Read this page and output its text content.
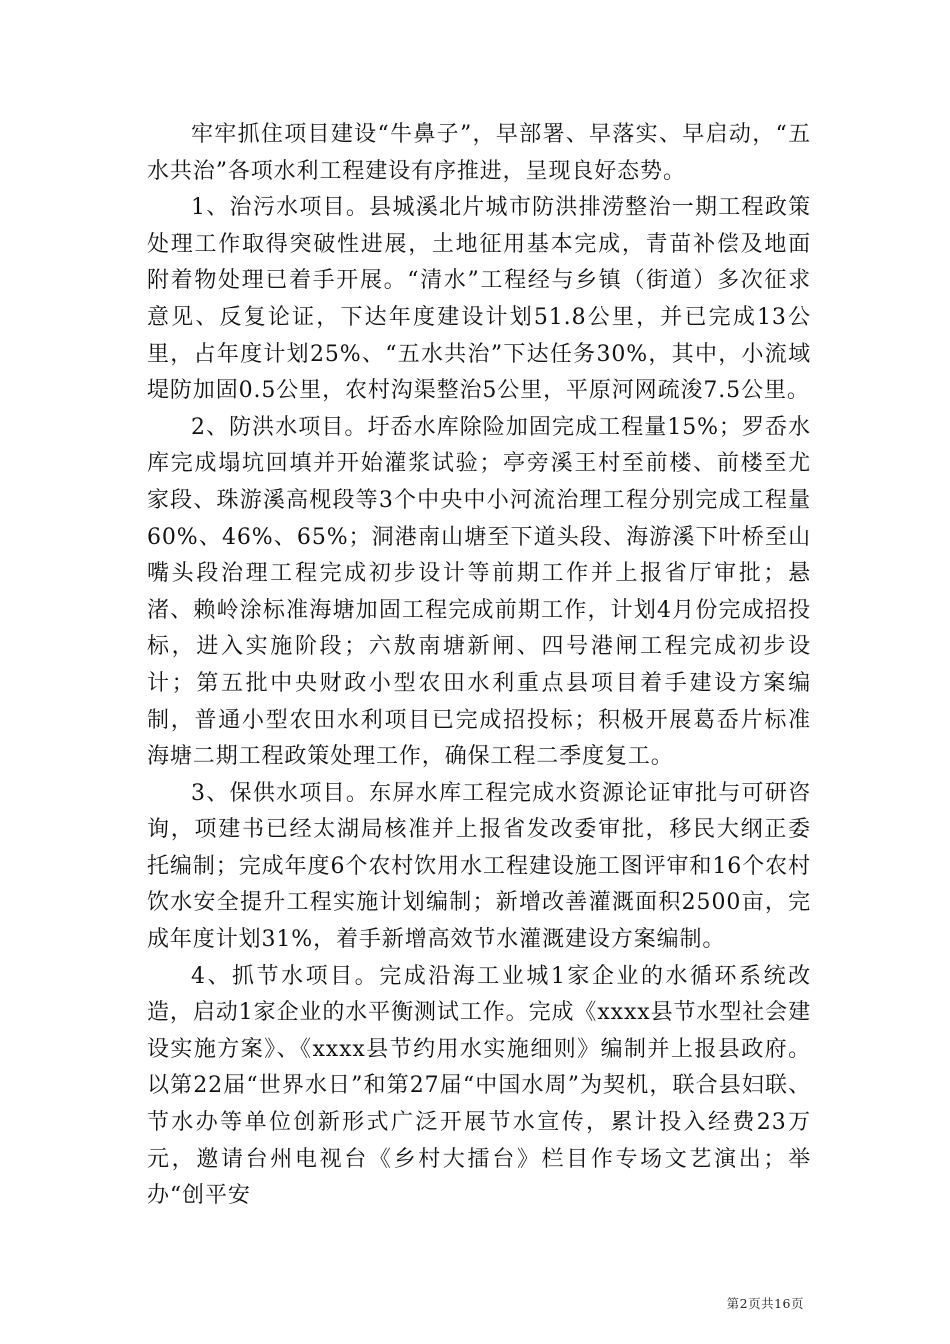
牢牢抓住项目建设“牛鼻子”，早部署、早落实、早启动，“五水共治”各项水利工程建设有序推进，呈现良好态势。

1、治污水项目。县城溪北片城市防洪排涝整治一期工程政策处理工作取得突破性进展，土地征用基本完成，青苗补偿及地面附着物处理已着手开展。“清水”工程经与乡镇（街道）多次征求意见、反复论证，下达年度建设计划51.8公里，并已完成13公里，占年度计划25%、“五水共治”下达任务30%，其中，小流域堤防加固0.5公里，农村沟渠整治5公里，平原河网疏浚7.5公里。

2、防洪水项目。圩岙水库除险加固完成工程量15%；罗岙水库完成塌坑回填并开始灌浆试验；亭旁溪王村至前楼、前楼至尤家段、珠游溪高枧段等3个中央中小河流治理工程分别完成工程量60%、46%、65%；洞港南山塘至下道头段、海游溪下叶桥至山嘴头段治理工程完成初步设计等前期工作并上报省厅审批；悬渚、赖岭涂标准海塘加固工程完成前期工作，计划4月份完成招投标，进入实施阶段；六敖南塘新闸、四号港闸工程完成初步设计；第五批中央财政小型农田水利重点县项目着手建设方案编制，普通小型农田水利项目已完成招投标；积极开展葛岙片标准海塘二期工程政策处理工作，确保工程二季度复工。

3、保供水项目。东屏水库工程完成水资源论证审批与可研咨询，项建书已经太湖局核准并上报省发改委审批，移民大纲正委托编制；完成年度6个农村饮用水工程建设施工图评审和16个农村饮水安全提升工程实施计划编制；新增改善灌溉面积2500亩，完成年度计划31%，着手新增高效节水灌溉建设方案编制。

4、抓节水项目。完成沿海工业城1家企业的水循环系统改造，启动1家企业的水平衡测试工作。完成《xxxx县节水型社会建设实施方案》、《xxxx县节约用水实施细则》编制并上报县政府。以第22届“世界水日”和第27届“中国水周”为契机，联合县妇联、节水办等单位创新形式广泛开展节水宣传，累计投入经费23万元，邀请台州电视台《乡村大擂台》栏目作专场文艺演出；举办“创平安

第2页共16页
